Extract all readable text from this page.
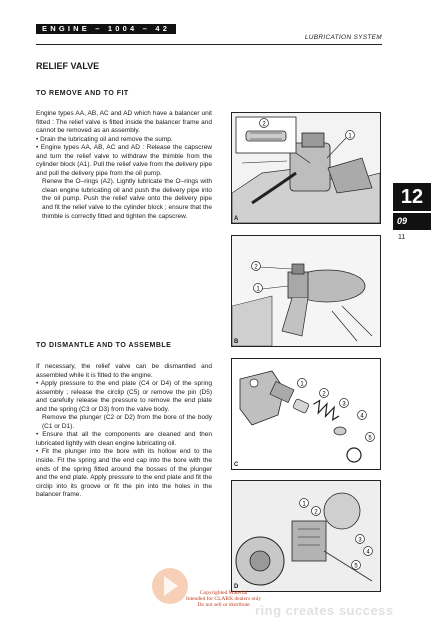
ENGINE – 1004 – 42
LUBRICATION SYSTEM
RELIEF VALVE
TO REMOVE AND TO FIT

Engine types AA, AB, AC and AD which have a balancer unit fitted : The relief valve is fitted inside the balancer frame and cannot be removed as an assembly.

• Drain the lubricating oil and remove the sump.

• Engine types AA, AB, AC and AD : Release the capscrew and turn the relief valve to withdraw the thimble from the cylinder block (A1). Pull the relief valve from the delivery pipe and pull the delivery pipe from the oil pump.

Renew the O–rings (A2). Lightly lubricate the O–rings with clean engine lubricating oil and push the delivery pipe into the oil pump. Push the relief valve onto the delivery pipe and fit the relief valve to the cylinder block ; ensure that the thimble is correctly fitted and tighten the capscrew.

TO DISMANTLE AND TO ASSEMBLE

If necessary, the relief valve can be dismantled and assembled while it is fitted to the engine.

• Apply pressure to the end plate (C4 or D4) of the spring assembly ; release the circlip (C5) or remove the pin (D5) and carefully release the pressure to remove the end plate and the spring (C3 or D3) from the valve body.

Remove the plunger (C2 or D2) from the bore of the body (C1 or D1).

• Ensure that all the components are cleaned and then lubricated lightly with clean engine lubricating oil.

• Fit the plunger into the bore with its hollow end to the inside. Fit the spring and the end cap into the bore with the ends of the spring fitted around the bosses of the plunger and the end plate. Apply pressure to the end plate and fit the circlip into its groove or fit the pin into the holes in the balancer frame.

2
1
A
2
1
B
1
2
3
4
5
C
1
2
3
4
5
D
12
09
11
Copyrighted Material
Intended for CLARK dealers only
Do not sell or distribute ring creates success
